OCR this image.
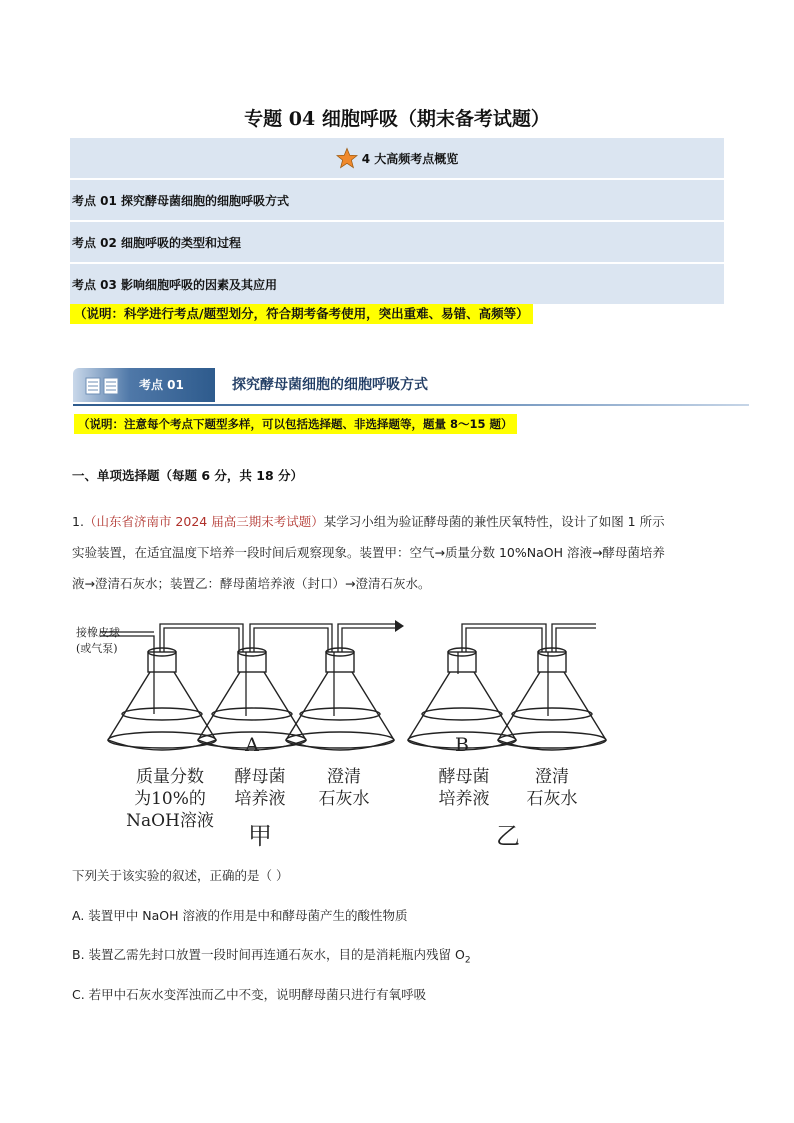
专题 04 细胞呼吸（期末备考试题）
4 大高频考点概览
考点 01 探究酵母菌细胞的细胞呼吸方式
考点 02 细胞呼吸的类型和过程
考点 03 影响细胞呼吸的因素及其应用
（说明：科学进行考点/题型划分，符合期考备考使用，突出重难、易错、高频等）
考点 01	探究酵母菌细胞的细胞呼吸方式
（说明：注意每个考点下题型多样，可以包括选择题、非选择题等，题量 8～15 题）
一、单项选择题（每题 6 分，共 18 分）
1.（山东省济南市 2024 届高三期末考试题）某学习小组为验证酵母菌的兼性厌氧特性，设计了如图 1 所示
实验装置，在适宜温度下培养一段时间后观察现象。装置甲：空气→质量分数 10%NaOH 溶液→酵母菌培养
液→澄清石灰水；装置乙：酵母菌培养液（封口）→澄清石灰水。
接橡皮球
(或气泵)
A	B
质量分数
为10%的
NaOH溶液
酵母菌
培养液
澄清
石灰水
酵母菌
培养液
澄清
石灰水
甲	乙
下列关于该实验的叙述，正确的是（ ）
A. 装置甲中 NaOH 溶液的作用是中和酵母菌产生的酸性物质
B. 装置乙需先封口放置一段时间再连通石灰水，目的是消耗瓶内残留 $O_2$
C. 若甲中石灰水变浑浊而乙中不变，说明酵母菌只进行有氧呼吸
